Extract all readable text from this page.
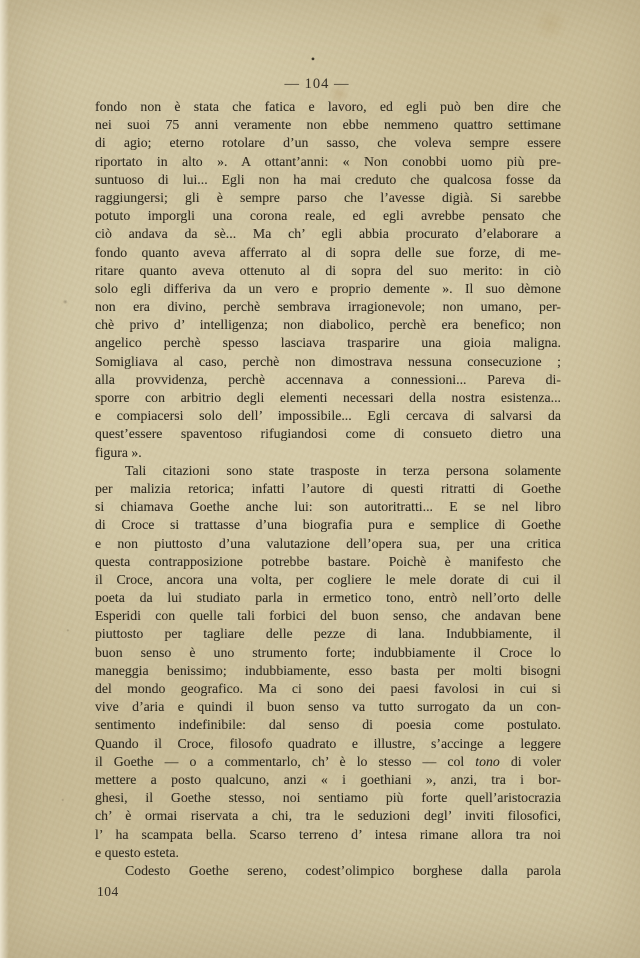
•
— 104 —
fondo non è stata che fatica e lavoro, ed egli può ben dire che
nei suoi 75 anni veramente non ebbe nemmeno quattro settimane
di agio; eterno rotolare d’un sasso, che voleva sempre essere
riportato in alto ». A ottant’anni: « Non conobbi uomo più pre-
suntuoso di lui... Egli non ha mai creduto che qualcosa fosse da
raggiungersi; gli è sempre parso che l’avesse digià. Si sarebbe
potuto imporgli una corona reale, ed egli avrebbe pensato che
ciò andava da sè... Ma ch’ egli abbia procurato d’elaborare a
fondo quanto aveva afferrato al di sopra delle sue forze, di me-
ritare quanto aveva ottenuto al di sopra del suo merito: in ciò
solo egli differiva da un vero e proprio demente ». Il suo dèmone
non era divino, perchè sembrava irragionevole; non umano, per-
chè privo d’ intelligenza; non diabolico, perchè era benefico; non
angelico perchè spesso lasciava trasparire una gioia maligna.
Somigliava al caso, perchè non dimostrava nessuna consecuzione ;
alla provvidenza, perchè accennava a connessioni... Pareva di-
sporre con arbitrio degli elementi necessari della nostra esistenza...
e compiacersi solo dell’ impossibile... Egli cercava di salvarsi da
quest’essere spaventoso rifugiandosi come di consueto dietro una
figura ».
Tali citazioni sono state trasposte in terza persona solamente
per malizia retorica; infatti l’autore di questi ritratti di Goethe
si chiamava Goethe anche lui: son autoritratti... E se nel libro
di Croce si trattasse d’una biografia pura e semplice di Goethe
e non piuttosto d’una valutazione dell’opera sua, per una critica
questa contrapposizione potrebbe bastare. Poichè è manifesto che
il Croce, ancora una volta, per cogliere le mele dorate di cui il
poeta da lui studiato parla in ermetico tono, entrò nell’orto delle
Esperidi con quelle tali forbici del buon senso, che andavan bene
piuttosto per tagliare delle pezze di lana. Indubbiamente, il
buon senso è uno strumento forte; indubbiamente il Croce lo
maneggia benissimo; indubbiamente, esso basta per molti bisogni
del mondo geografico. Ma ci sono dei paesi favolosi in cui si
vive d’aria e quindi il buon senso va tutto surrogato da un con-
sentimento indefinibile: dal senso di poesia come postulato.
Quando il Croce, filosofo quadrato e illustre, s’accinge a leggere
il Goethe — o a commentarlo, ch’ è lo stesso — col tono di voler
mettere a posto qualcuno, anzi « i goethiani », anzi, tra i bor-
ghesi, il Goethe stesso, noi sentiamo più forte quell’aristocrazia
ch’ è ormai riservata a chi, tra le seduzioni degl’ inviti filosofici,
l’ ha scampata bella. Scarso terreno d’ intesa rimane allora tra noi
e questo esteta.
Codesto Goethe sereno, codest’olimpico borghese dalla parola
104
